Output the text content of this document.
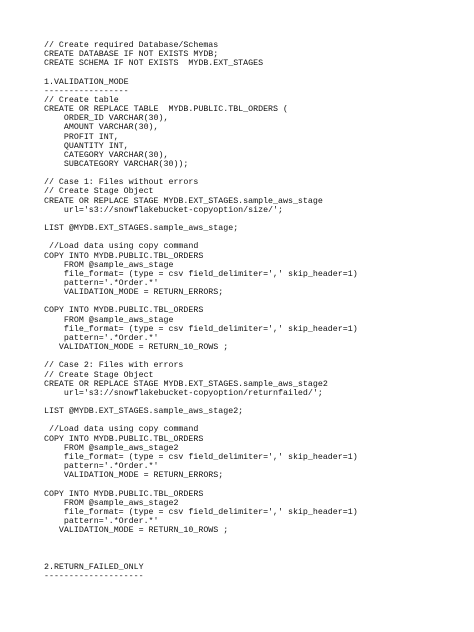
// Create required Database/Schemas
CREATE DATABASE IF NOT EXISTS MYDB;
CREATE SCHEMA IF NOT EXISTS  MYDB.EXT_STAGES
1.VALIDATION_MODE
-----------------
// Create table
CREATE OR REPLACE TABLE  MYDB.PUBLIC.TBL_ORDERS (
ORDER_ID VARCHAR(30),
AMOUNT VARCHAR(30),
PROFIT INT,
QUANTITY INT,
CATEGORY VARCHAR(30),
SUBCATEGORY VARCHAR(30));
// Case 1: Files without errors
// Create Stage Object
CREATE OR REPLACE STAGE MYDB.EXT_STAGES.sample_aws_stage
url='s3://snowflakebucket-copyoption/size/';
LIST @MYDB.EXT_STAGES.sample_aws_stage;
//Load data using copy command
COPY INTO MYDB.PUBLIC.TBL_ORDERS
FROM @sample_aws_stage
file_format= (type = csv field_delimiter=',' skip_header=1)
pattern='.*Order.*'
VALIDATION_MODE = RETURN_ERRORS;
COPY INTO MYDB.PUBLIC.TBL_ORDERS
FROM @sample_aws_stage
file_format= (type = csv field_delimiter=',' skip_header=1)
pattern='.*Order.*'
VALIDATION_MODE = RETURN_10_ROWS ;
// Case 2: Files with errors
// Create Stage Object
CREATE OR REPLACE STAGE MYDB.EXT_STAGES.sample_aws_stage2
url='s3://snowflakebucket-copyoption/returnfailed/';
LIST @MYDB.EXT_STAGES.sample_aws_stage2;
//Load data using copy command
COPY INTO MYDB.PUBLIC.TBL_ORDERS
FROM @sample_aws_stage2
file_format= (type = csv field_delimiter=',' skip_header=1)
pattern='.*Order.*'
VALIDATION_MODE = RETURN_ERRORS;
COPY INTO MYDB.PUBLIC.TBL_ORDERS
FROM @sample_aws_stage2
file_format= (type = csv field_delimiter=',' skip_header=1)
pattern='.*Order.*'
VALIDATION_MODE = RETURN_10_ROWS ;
2.RETURN_FAILED_ONLY
--------------------
